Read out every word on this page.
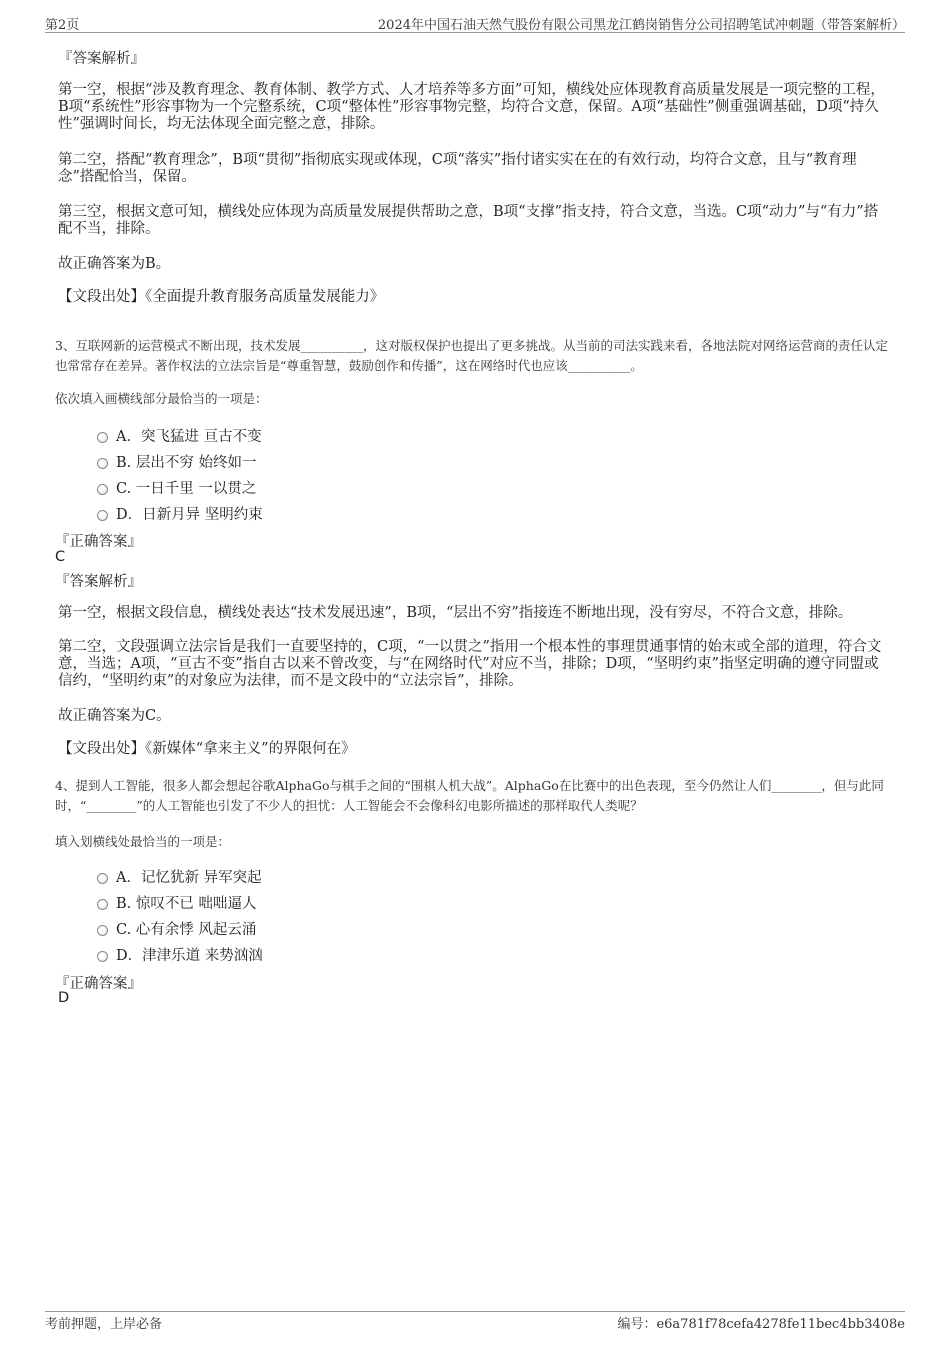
第2页	2024年中国石油天然气股份有限公司黑龙江鹤岗销售分公司招聘笔试冲刺题（带答案解析）
『答案解析』
第一空，根据“涉及教育理念、教育体制、教学方式、人才培养等多方面”可知，横线处应体现教育高质量发展是一项完整的工程，B项“系统性”形容事物为一个完整系统，C项“整体性”形容事物完整，均符合文意，保留。A项“基础性”侧重强调基础，D项“持久性”强调时间长，均无法体现全面完整之意，排除。
第二空，搭配“教育理念”，B项“贯彻”指彻底实现或体现，C项“落实”指付诸实实在在的有效行动，均符合文意，且与“教育理念”搭配恰当，保留。
第三空，根据文意可知，横线处应体现为高质量发展提供帮助之意，B项“支撑”指支持，符合文意，当选。C项“动力”与“有力”搭配不当，排除。
故正确答案为B。
【文段出处】《全面提升教育服务高质量发展能力》
3、互联网新的运营模式不断出现，技术发展__________，这对版权保护也提出了更多挑战。从当前的司法实践来看，各地法院对网络运营商的责任认定也常常存在差异。著作权法的立法宗旨是“尊重智慧，鼓励创作和传播”，这在网络时代也应该__________。
依次填入画横线部分最恰当的一项是：
A．突飞猛进 亘古不变
B. 层出不穷 始终如一
C. 一日千里 一以贯之
D．日新月异 坚明约束
『正确答案』
C
『答案解析』
第一空，根据文段信息，横线处表达“技术发展迅速”，B项，“层出不穷”指接连不断地出现，没有穷尽，不符合文意，排除。
第二空，文段强调立法宗旨是我们一直要坚持的，C项，“一以贯之”指用一个根本性的事理贯通事情的始末或全部的道理，符合文意，当选；A项，“亘古不变”指自古以来不曾改变，与“在网络时代”对应不当，排除；D项，“坚明约束”指坚定明确的遵守同盟或信约，“坚明约束”的对象应为法律，而不是文段中的“立法宗旨”，排除。
故正确答案为C。
【文段出处】《新媒体“拿来主义”的界限何在》
4、提到人工智能，很多人都会想起谷歌AlphaGo与棋手之间的“围棋人机大战”。AlphaGo在比赛中的出色表现，至今仍然让人们________，但与此同时，“________”的人工智能也引发了不少人的担忧：人工智能会不会像科幻电影所描述的那样取代人类呢？
填入划横线处最恰当的一项是：
A．记忆犹新 异军突起
B. 惊叹不已 咄咄逼人
C. 心有余悸 风起云涌
D．津津乐道 来势汹汹
『正确答案』
D
考前押题，上岸必备	编号：e6a781f78cefa4278fe11bec4bb3408e
